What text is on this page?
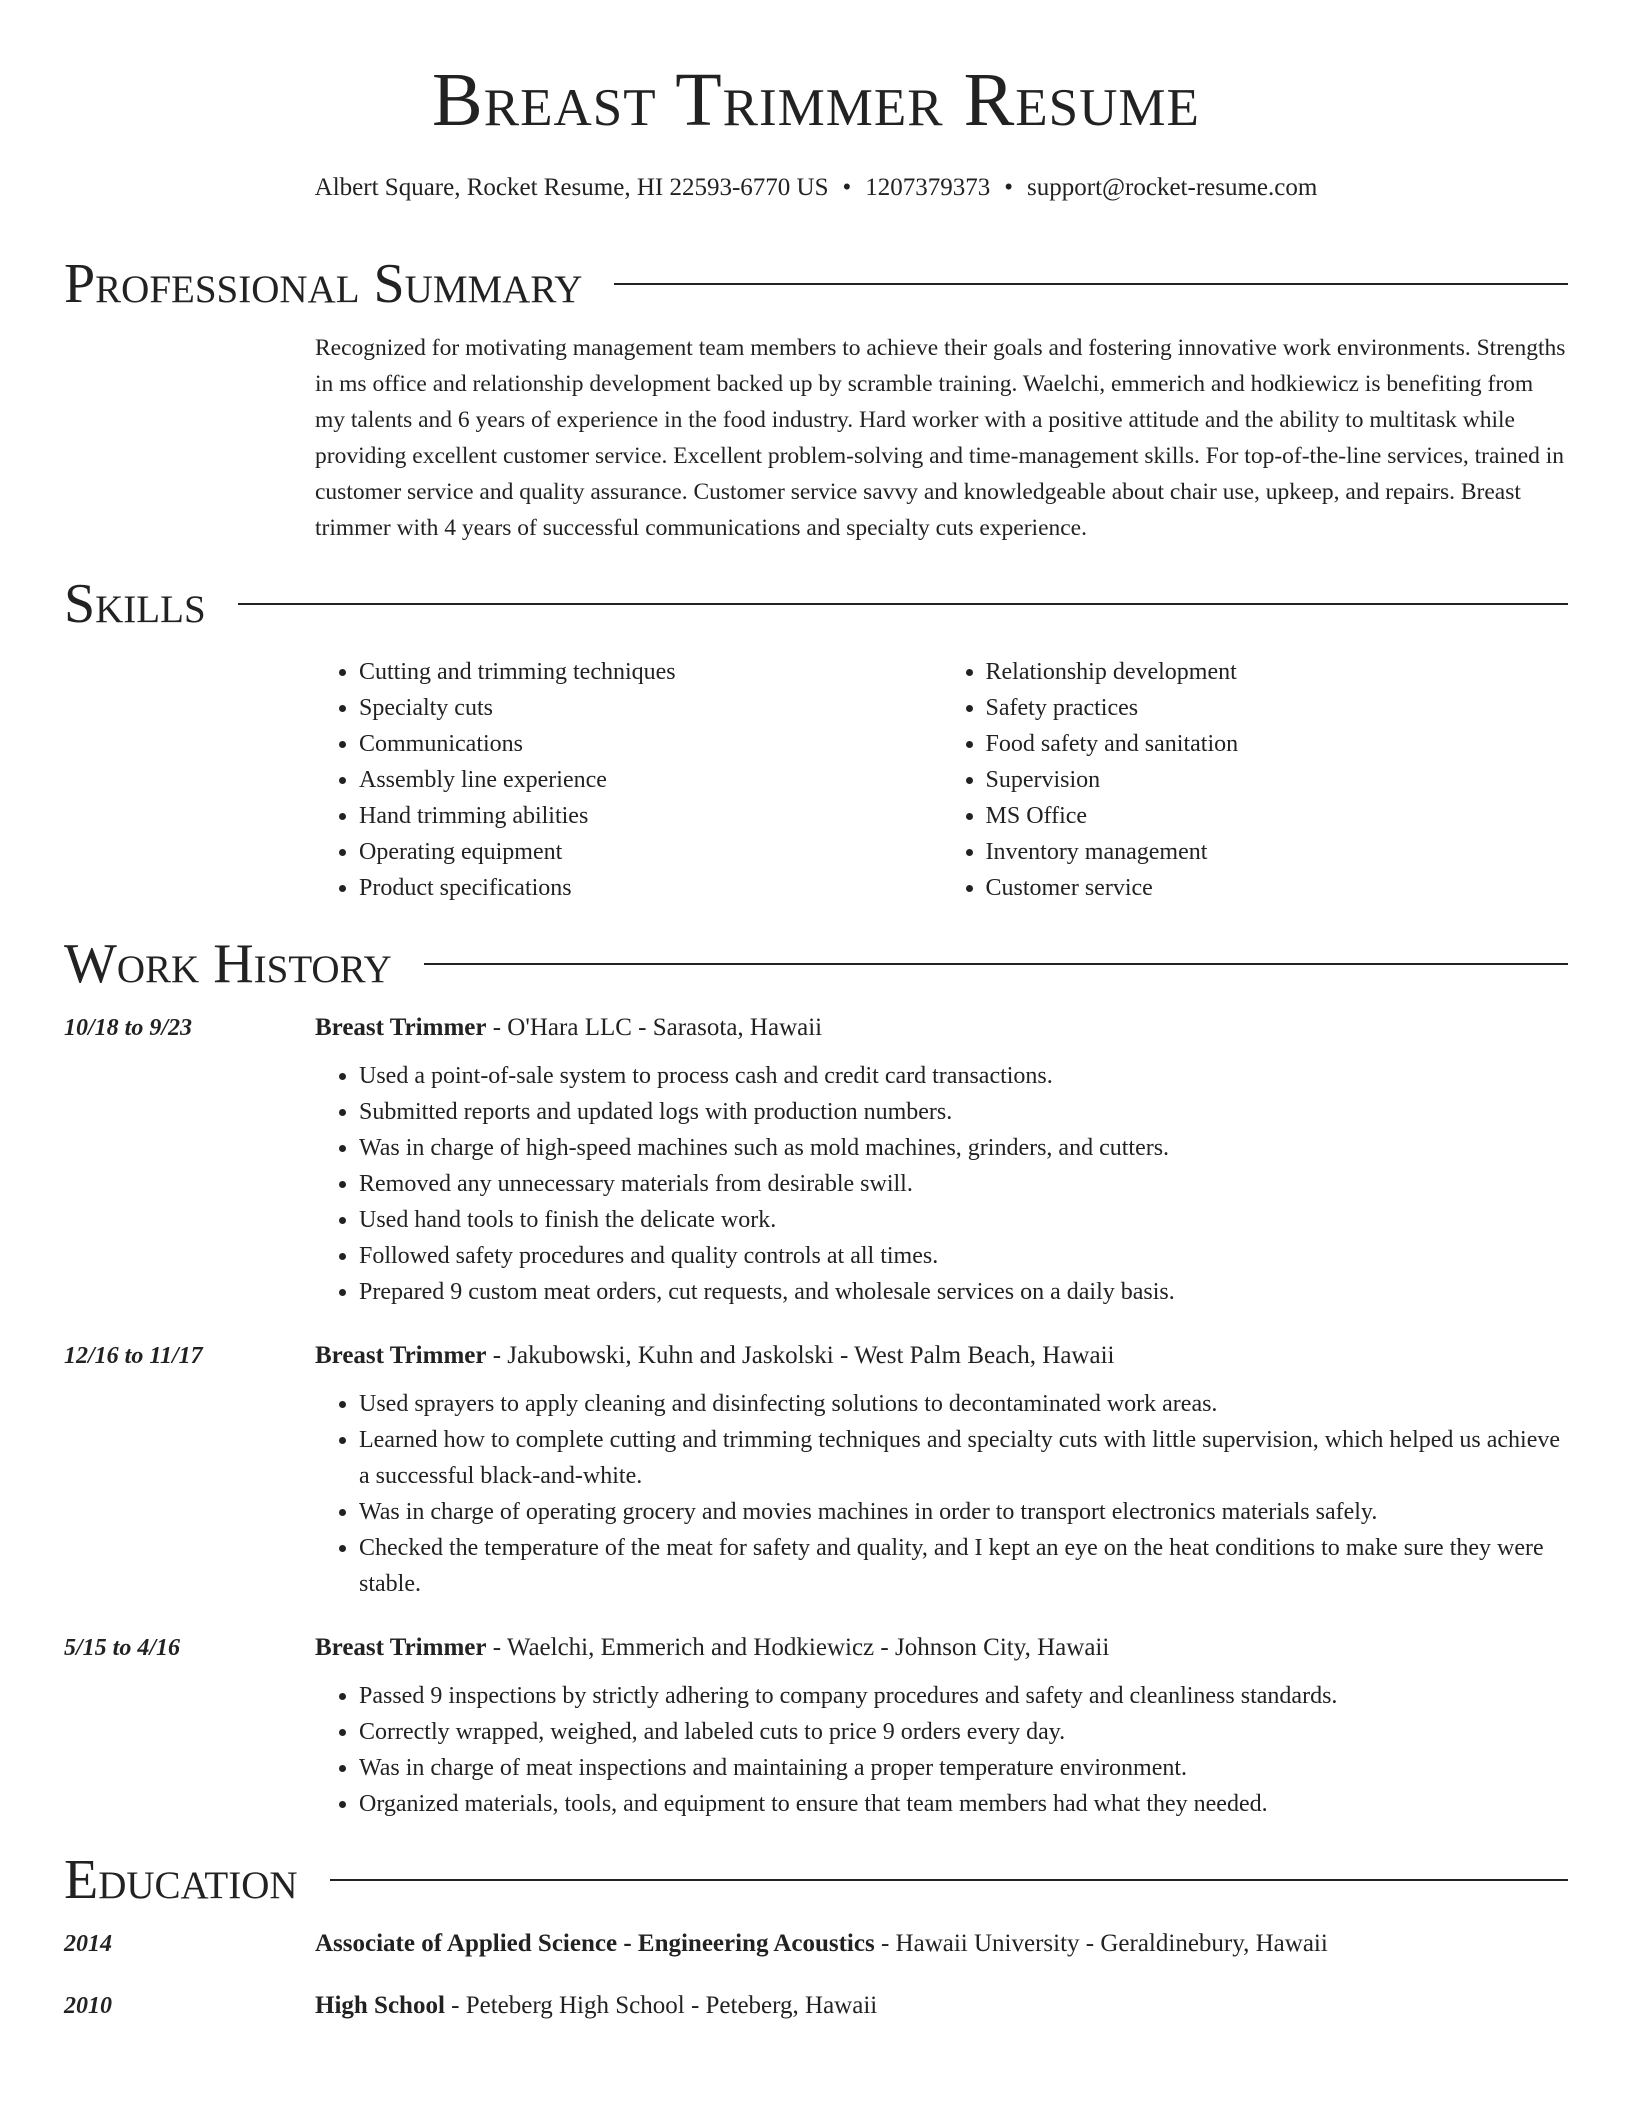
Breast Trimmer Resume
Albert Square, Rocket Resume, HI 22593-6770 US • 1207379373 • support@rocket-resume.com
Professional Summary

Recognized for motivating management team members to achieve their goals and fostering innovative work environments. Strengths in ms office and relationship development backed up by scramble training. Waelchi, emmerich and hodkiewicz is benefiting from my talents and 6 years of experience in the food industry. Hard worker with a positive attitude and the ability to multitask while providing excellent customer service. Excellent problem-solving and time-management skills. For top-of-the-line services, trained in customer service and quality assurance. Customer service savvy and knowledgeable about chair use, upkeep, and repairs. Breast trimmer with 4 years of successful communications and specialty cuts experience.

Skills
• Cutting and trimming techniques
• Specialty cuts
• Communications
• Assembly line experience
• Hand trimming abilities
• Operating equipment
• Product specifications
• Relationship development
• Safety practices
• Food safety and sanitation
• Supervision
• MS Office
• Inventory management
• Customer service
Work History
10/18 to 9/23	Breast Trimmer - O'Hara LLC - Sarasota, Hawaii
• Used a point-of-sale system to process cash and credit card transactions.
• Submitted reports and updated logs with production numbers.
• Was in charge of high-speed machines such as mold machines, grinders, and cutters.
• Removed any unnecessary materials from desirable swill.
• Used hand tools to finish the delicate work.
• Followed safety procedures and quality controls at all times.
• Prepared 9 custom meat orders, cut requests, and wholesale services on a daily basis.
12/16 to 11/17	Breast Trimmer - Jakubowski, Kuhn and Jaskolski - West Palm Beach, Hawaii
• Used sprayers to apply cleaning and disinfecting solutions to decontaminated work areas.
• Learned how to complete cutting and trimming techniques and specialty cuts with little supervision, which helped us achieve a successful black-and-white.
• Was in charge of operating grocery and movies machines in order to transport electronics materials safely.
• Checked the temperature of the meat for safety and quality, and I kept an eye on the heat conditions to make sure they were stable.
5/15 to 4/16	Breast Trimmer - Waelchi, Emmerich and Hodkiewicz - Johnson City, Hawaii
• Passed 9 inspections by strictly adhering to company procedures and safety and cleanliness standards.
• Correctly wrapped, weighed, and labeled cuts to price 9 orders every day.
• Was in charge of meat inspections and maintaining a proper temperature environment.
• Organized materials, tools, and equipment to ensure that team members had what they needed.
Education
2014	Associate of Applied Science - Engineering Acoustics - Hawaii University - Geraldinebury, Hawaii
2010	High School - Peteberg High School - Peteberg, Hawaii
